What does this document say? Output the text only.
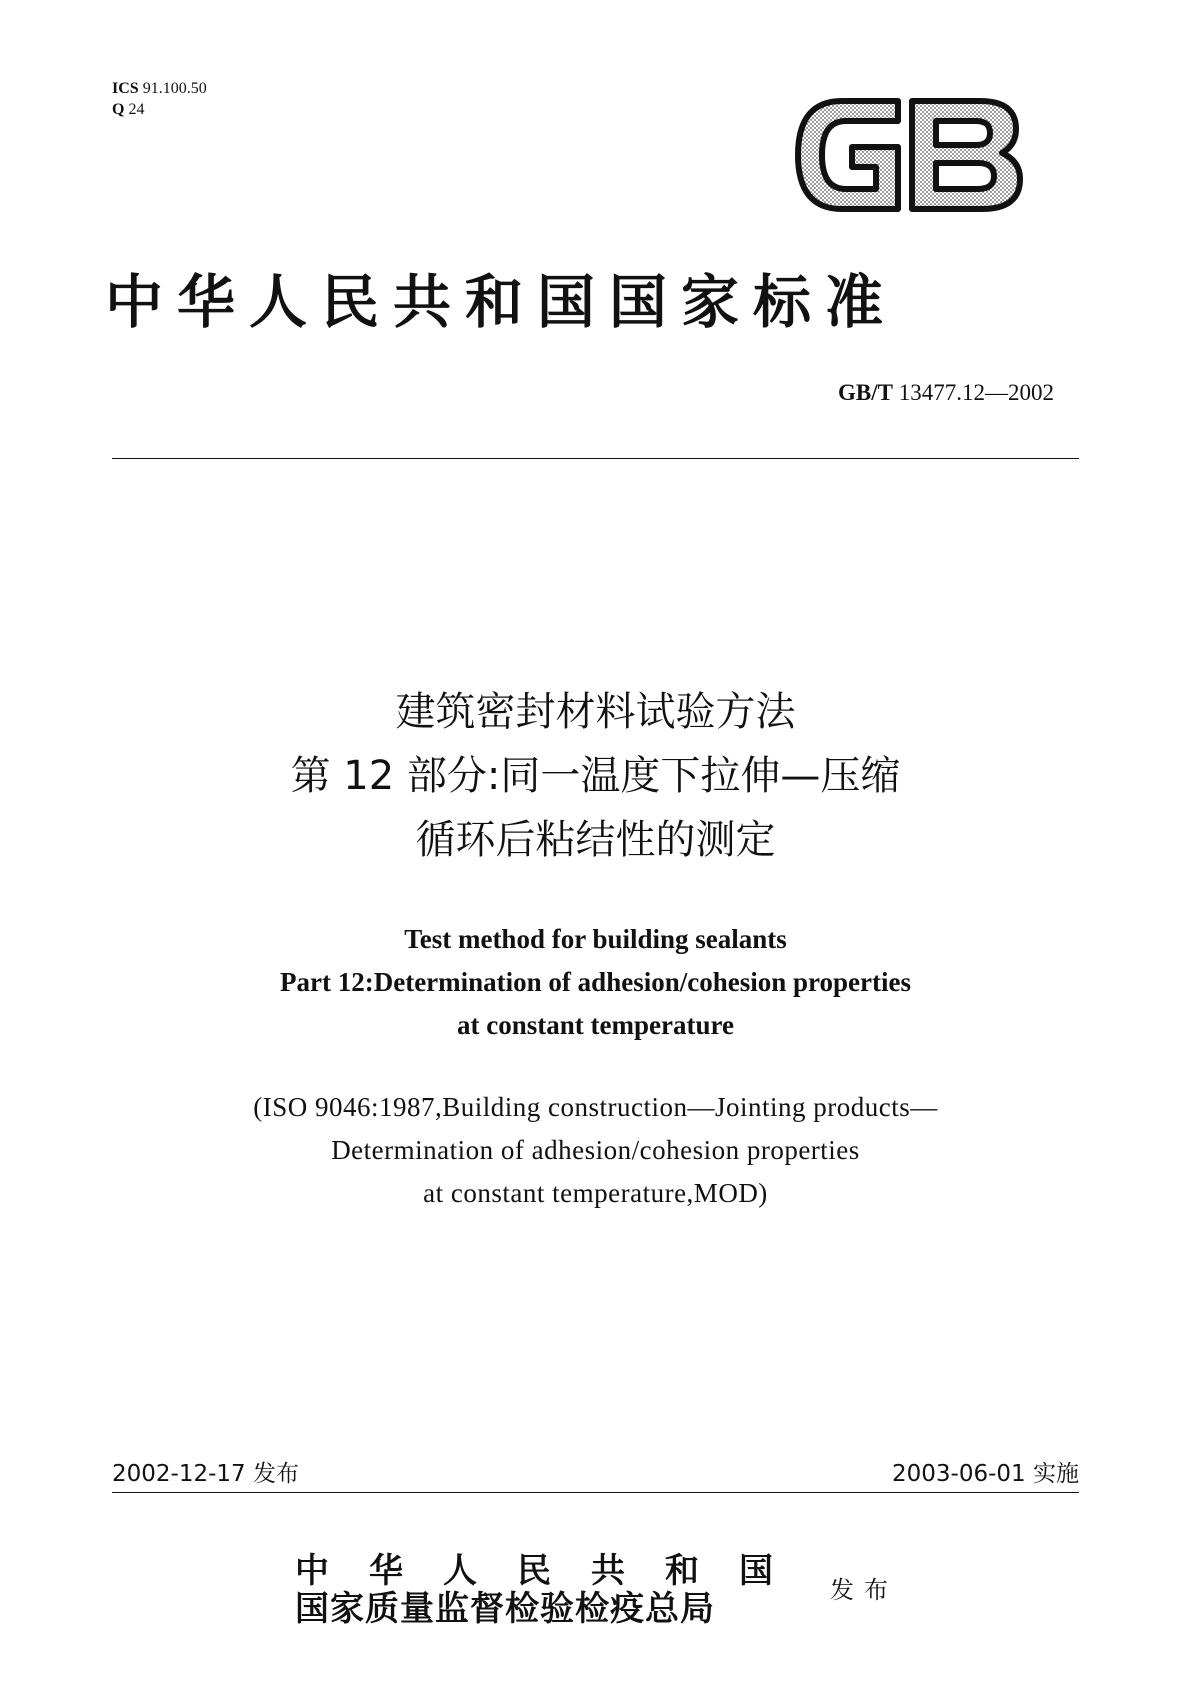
ICS 91.100.50
Q 24
中华人民共和国国家标准
GB/T 13477.12—2002
建筑密封材料试验方法
第 12 部分:同一温度下拉伸—压缩
循环后粘结性的测定
Test method for building sealants
Part 12:Determination of adhesion/cohesion properties
at constant temperature
(ISO 9046:1987,Building construction—Jointing products—
Determination of adhesion/cohesion properties
at constant temperature,MOD)
2002-12-17 发布	2003-06-01 实施
中华人民共和国
国家质量监督检验检疫总局	发布
